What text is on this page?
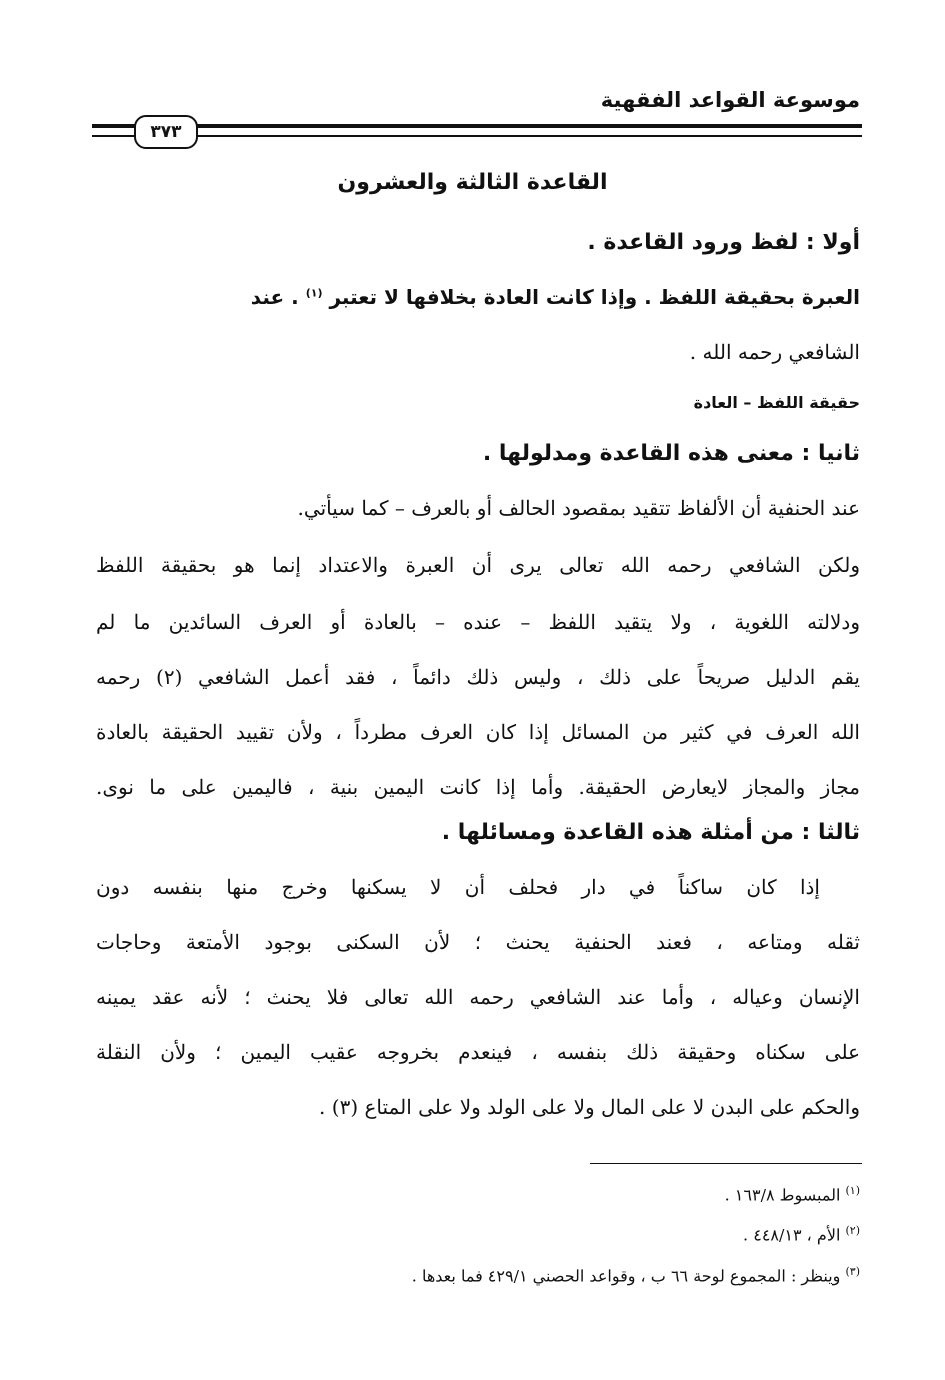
موسوعة القواعد الفقهية
٣٧٣
القاعدة الثالثة والعشرون
أولا : لفظ ورود القاعدة .
العبرة بحقيقة اللفظ . وإذا كانت العادة بخلافها لا تعتبر $^{(١)}$ . عند
الشافعي رحمه الله .
حقيقة اللفظ – العادة
ثانيا : معنى هذه القاعدة ومدلولها .
عند الحنفية أن الألفاظ تتقيد بمقصود الحالف أو بالعرف – كما سيأتي.
ولكن الشافعي رحمه الله تعالى يرى أن العبرة والاعتداد إنما هو بحقيقة اللفظ
ودلالته اللغوية ، ولا يتقيد اللفظ – عنده – بالعادة أو العرف السائدين ما لم
يقم الدليل صريحاً على ذلك ، وليس ذلك دائماً ، فقد أعمل الشافعي (٢) رحمه
الله العرف في كثير من المسائل إذا كان العرف مطرداً ، ولأن تقييد الحقيقة بالعادة
مجاز والمجاز لايعارض الحقيقة. وأما إذا كانت اليمين بنية ، فاليمين على ما نوى.
ثالثا : من أمثلة هذه القاعدة ومسائلها .
إذا كان ساكناً في دار فحلف أن لا يسكنها وخرج منها بنفسه دون
ثقله ومتاعه ، فعند الحنفية يحنث ؛ لأن السكنى بوجود الأمتعة وحاجات
الإنسان وعياله ، وأما عند الشافعي رحمه الله تعالى فلا يحنث ؛ لأنه عقد يمينه
على سكناه وحقيقة ذلك بنفسه ، فينعدم بخروجه عقيب اليمين ؛ ولأن النقلة
والحكم على البدن لا على المال ولا على الولد ولا على المتاع (٣) .
$^{(١)}$ المبسوط ١٦٣/٨ .
$^{(٢)}$ الأم ، ٤٤٨/١٣ .
$^{(٣)}$ وينظر : المجموع لوحة ٦٦ ب ، وقواعد الحصني ٤٢٩/١ فما بعدها .
